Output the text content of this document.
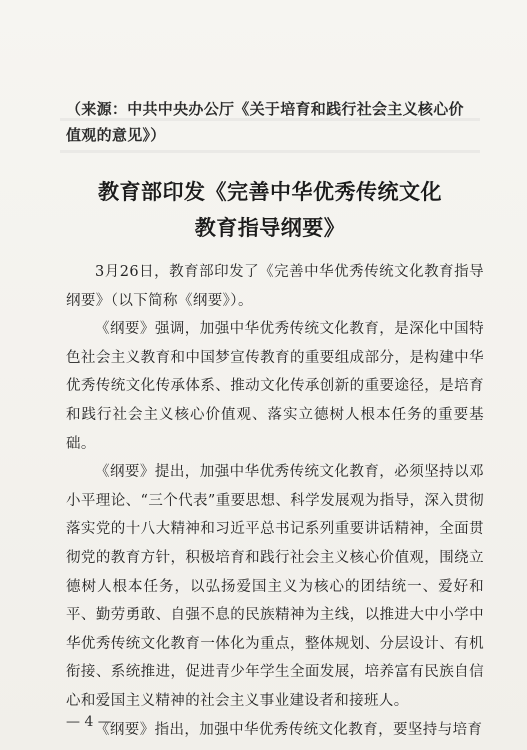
（来源：中共中央办公厅《关于培育和践行社会主义核心价
值观的意见》）
教育部印发《完善中华优秀传统文化
教育指导纲要》

3月26日，教育部印发了《完善中华优秀传统文化教育指导纲要》（以下简称《纲要》）。

《纲要》强调，加强中华优秀传统文化教育，是深化中国特色社会主义教育和中国梦宣传教育的重要组成部分，是构建中华优秀传统文化传承体系、推动文化传承创新的重要途径，是培育和践行社会主义核心价值观、落实立德树人根本任务的重要基础。

《纲要》提出，加强中华优秀传统文化教育，必须坚持以邓小平理论、“三个代表”重要思想、科学发展观为指导，深入贯彻落实党的十八大精神和习近平总书记系列重要讲话精神，全面贯彻党的教育方针，积极培育和践行社会主义核心价值观，围绕立德树人根本任务，以弘扬爱国主义为核心的团结统一、爱好和平、勤劳勇敢、自强不息的民族精神为主线，以推进大中小学中华优秀传统文化教育一体化为重点，整体规划、分层设计、有机衔接、系统推进，促进青少年学生全面发展，培养富有民族自信心和爱国主义精神的社会主义事业建设者和接班人。

《纲要》指出，加强中华优秀传统文化教育，要坚持与培育

— 4 —
